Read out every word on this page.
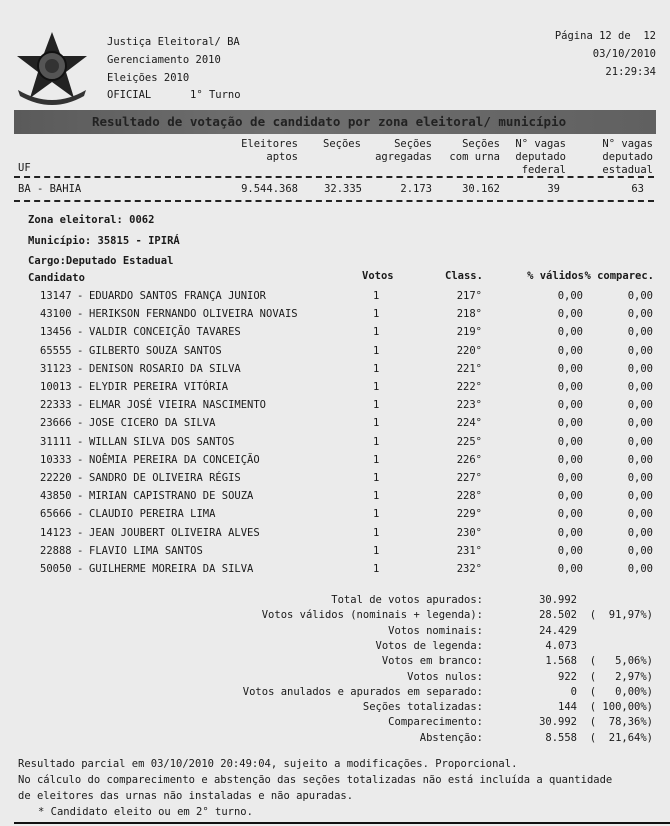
Justiça Eleitoral/ BA
Gerenciamento 2010
Eleições 2010
OFICIAL	1° Turno
Página 12 de  12
03/10/2010
21:29:34
Resultado de votação de candidato por zona eleitoral/ município
Eleitores
aptos
Seções	Seções
agregadas
Seções
com urna
N° vagas
deputado
federal
N° vagas
deputado
estadual
UF
BA - BAHIA	9.544.368 32.335	2.173	30.162	39	63
Zona eleitoral: 0062
Município: 35815 - IPIRÁ
Cargo:Deputado Estadual
Candidato	Votos	Class.	% válidos % comparec.
13147 - EDUARDO SANTOS FRANÇA JUNIOR	1	217°	0,00	0,00
43100 - HERIKSON FERNANDO OLIVEIRA NOVAIS	1	218°	0,00	0,00
13456 - VALDIR CONCEIÇÃO TAVARES	1	219°	0,00	0,00
65555 - GILBERTO SOUZA SANTOS	1	220°	0,00	0,00
31123 - DENISON ROSARIO DA SILVA	1	221°	0,00	0,00
10013 - ELYDIR PEREIRA VITÓRIA	1	222°	0,00	0,00
22333 - ELMAR JOSÉ VIEIRA NASCIMENTO	1	223°	0,00	0,00
23666 - JOSE CICERO DA SILVA	1	224°	0,00	0,00
31111 - WILLAN SILVA DOS SANTOS	1	225°	0,00	0,00
10333 - NOÊMIA PEREIRA DA CONCEIÇÃO	1	226°	0,00	0,00
22220 - SANDRO DE OLIVEIRA RÉGIS	1	227°	0,00	0,00
43850 - MIRIAN CAPISTRANO DE SOUZA	1	228°	0,00	0,00
65666 - CLAUDIO PEREIRA LIMA	1	229°	0,00	0,00
14123 - JEAN JOUBERT OLIVEIRA ALVES	1	230°	0,00	0,00
22888 - FLAVIO LIMA SANTOS	1	231°	0,00	0,00
50050 - GUILHERME MOREIRA DA SILVA	1	232°	0,00	0,00
Total de votos apurados:	30.992
Votos válidos (nominais + legenda):	28.502 (  91,97%)
Votos nominais:	24.429
Votos de legenda:	4.073
Votos em branco:	1.568 (   5,06%)
Votos nulos:	922 (   2,97%)
Votos anulados e apurados em separado:	0 (   0,00%)
Seções totalizadas:	144 ( 100,00%)
Comparecimento:	30.992 (  78,36%)
Abstenção:	8.558 (  21,64%)
Resultado parcial em 03/10/2010 20:49:04, sujeito a modificações. Proporcional.
No cálculo do comparecimento e abstenção das seções totalizadas não está incluída a quantidade
de eleitores das urnas não instaladas e não apuradas.
* Candidato eleito ou em 2° turno.
